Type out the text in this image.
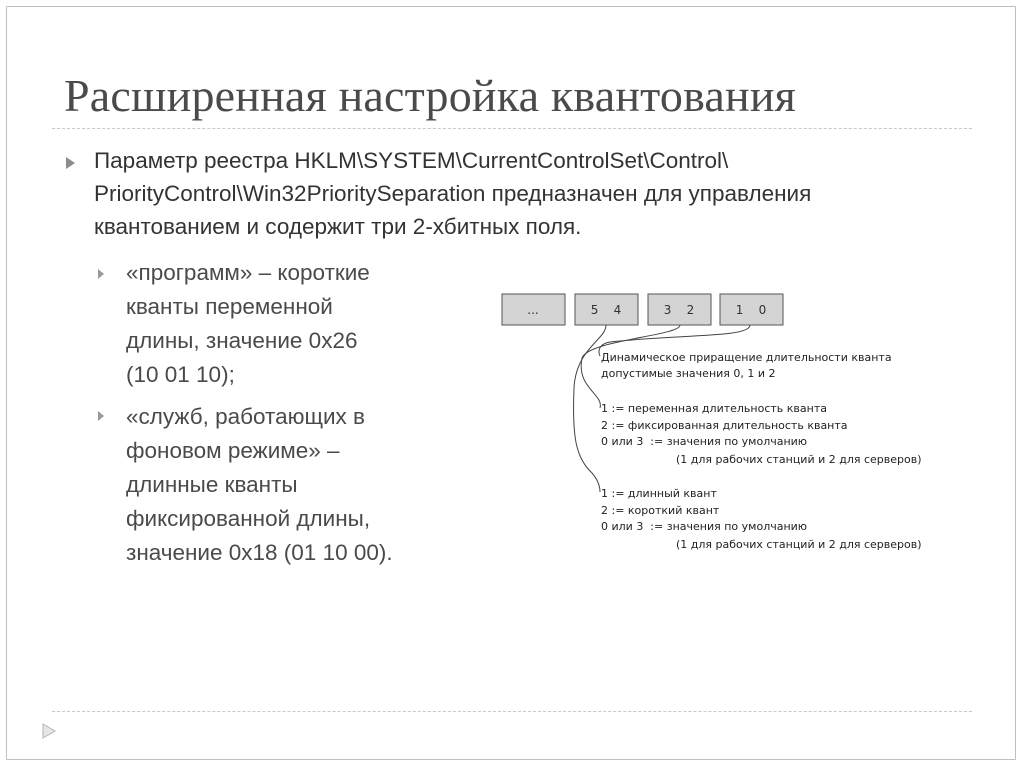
Расширенная настройка квантования
Параметр реестра HKLM\SYSTEM\CurrentControlSet\Control\
PriorityControl\Win32PrioritySeparation предназначен для управления
квантованием и содержит три 2-хбитных поля.
«программ» – короткие
кванты переменной
длины, значение 0x26
(10 01 10);
«служб, работающих в
фоновом режиме» –
длинные кванты
фиксированной длины,
значение 0x18 (01 10 00).
...	5    4	3    2	1    0
Динамическое приращение длительности кванта
допустимые значения 0, 1 и 2
1 := переменная длительность кванта
2 := фиксированная длительность кванта
0 или 3  := значения по умолчанию
(1 для рабочих станций и 2 для серверов)
1 := длинный квант
2 := короткий квант
0 или 3  := значения по умолчанию
(1 для рабочих станций и 2 для серверов)
